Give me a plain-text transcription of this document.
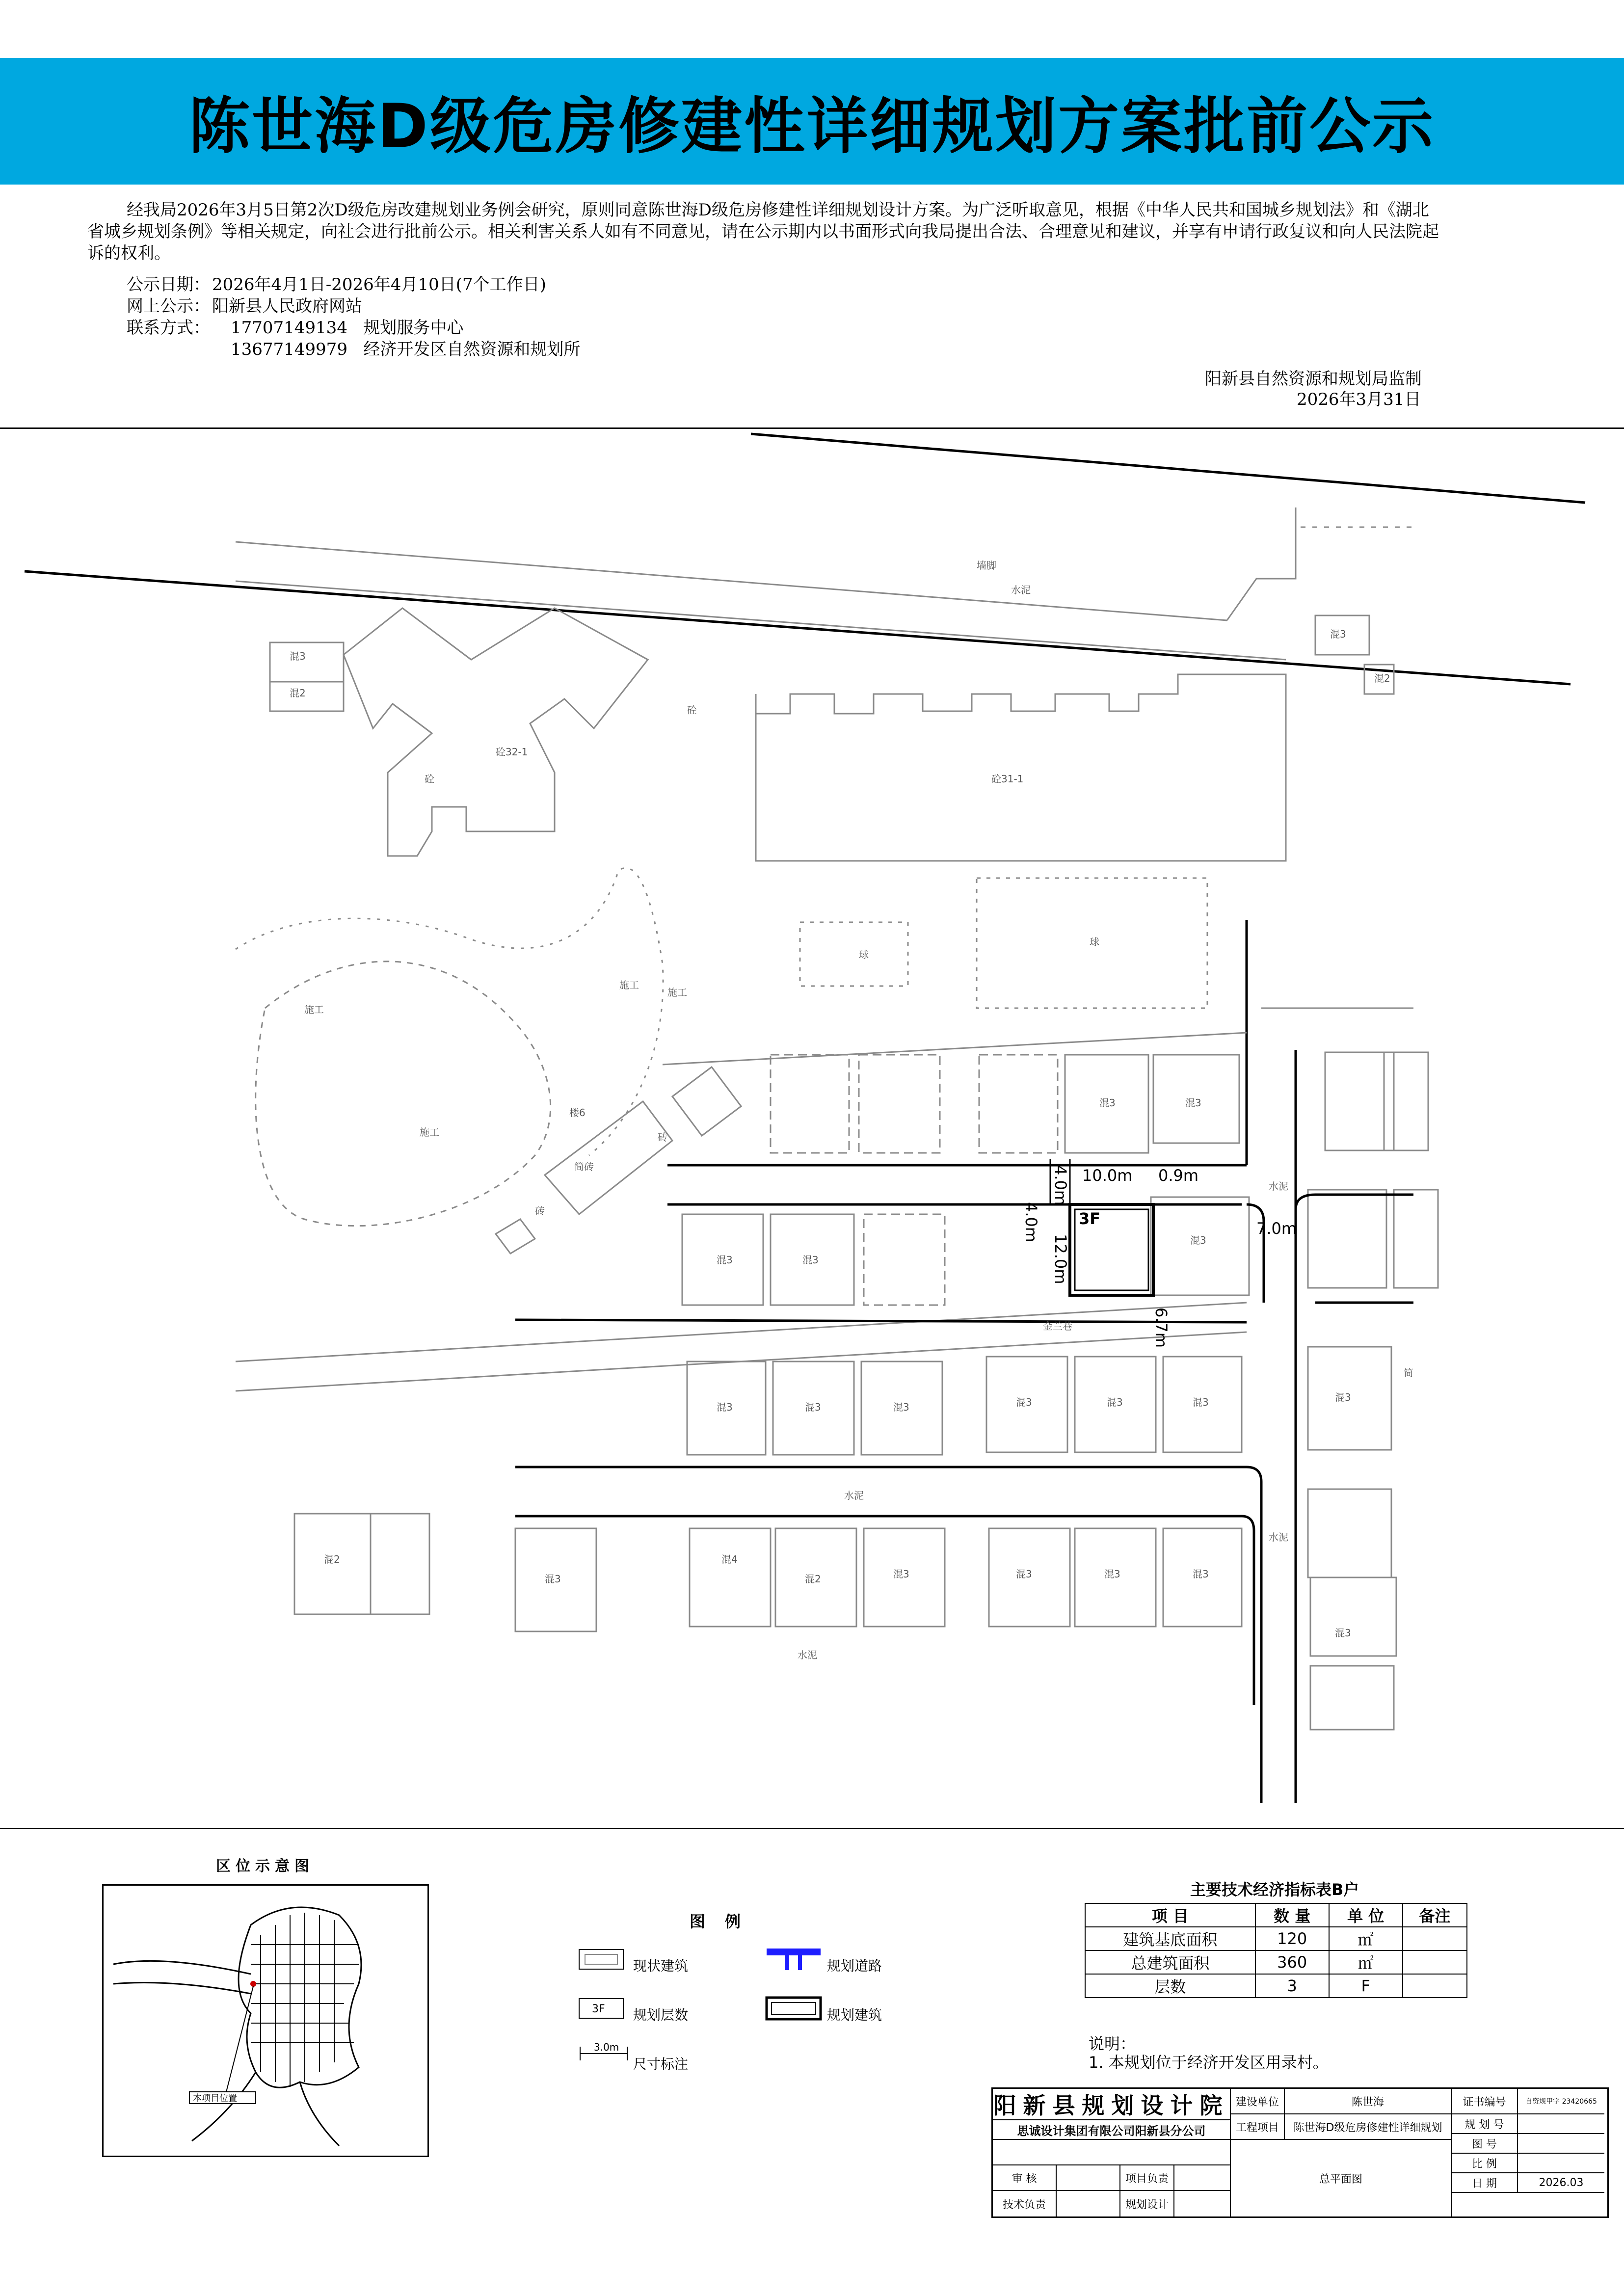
陈世海D级危房修建性详细规划方案批前公示
经我局2026年3月5日第2次D级危房改建规划业务例会研究，原则同意陈世海D级危房修建性详细规划设计方案。为广泛听取意见，根据《中华人民共和国城乡规划法》和《湖北省城乡规划条例》等相关规定，向社会进行批前公示。相关利害关系人如有不同意见，请在公示期内以书面形式向我局提出合法、合理意见和建议，并享有申请行政复议和向人民法院起诉的权利。
公示日期： 2026年4月1日-2026年4月10日(7个工作日)
网上公示： 阳新县人民政府网站
联系方式： 17707149134   规划服务中心
13677149979   经济开发区自然资源和规划所
阳新县自然资源和规划局监制
2026年3月31日
墙脚
水泥
砼31-1
砼32-1
砼
砼
球
球
施工
施工
施工
施工
楼6
砖
简砖
砖
水泥
水泥
水泥
水泥
金兰巷
混3	混3
混3	混3
混3
混3	混3	混3	混3	混3	混3	混3
混3
混3
混4
混2	混3	混3	混3	混3
混2
混3
混2
混3
混2
简
3F
10.0m 0.9m
7.0m
4.0m
4.0m
12.0m
6.7m
区位示意图
本项目位置
图例
3F
3.0m
现状建筑	规划道路
规划层数	规划建筑
尺寸标注
主要技术经济指标表B户
项 目	数 量	单 位	备注
建筑基底面积	120	㎡	
总建筑面积	360	㎡	
层数	3	F	
说明：
1. 本规划位于经济开发区用录村。
阳新县规划设计院
思诚设计集团有限公司阳新县分公司
审 核	项目负责
技术负责	规划设计
建设单位	陈世海
工程项目	陈世海D级危房修建性详细规划
总平面图
证书编号	自资规甲字 23420665
规 划 号
图 号
比 例
日 期	2026.03
